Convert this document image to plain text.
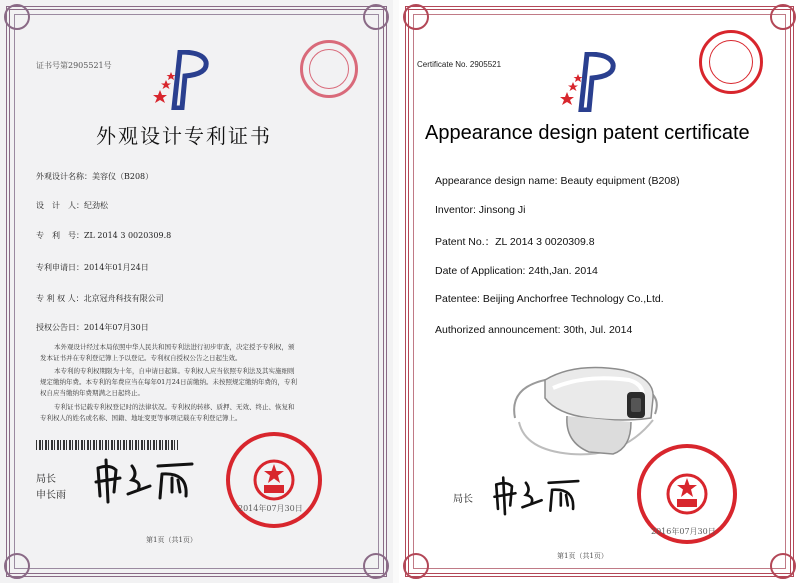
证书号第2905521号
外观设计专利证书
外观设计名称：美容仪（B208）
设　计　人：纪劲松
专　利　号：ZL 2014 3 0020309.8
专利申请日：2014年01月24日
专 利 权 人：北京冠舟科技有限公司
授权公告日：2014年07月30日
本外观设计经过本局依照中华人民共和国专利法进行初步审查，决定授予专利权，颁
发本证书并在专利登记簿上予以登记。专利权自授权公告之日起生效。
本专利的专利权期限为十年，自申请日起算。专利权人应当依照专利法及其实施细则
规定缴纳年费。本专利的年费应当在每年01月24日前缴纳。未按照规定缴纳年费的，专利
权自应当缴纳年费期满之日起终止。
专利证书记载专利权登记时的法律状况。专利权的转移、质押、无效、终止、恢复和
专利权人的姓名或名称、国籍、地址变更等事项记载在专利登记簿上。
局长
申长雨
2014年07月30日
第1页（共1页）
Certificate No. 2905521
Appearance design patent certificate
Appearance design name: Beauty equipment (B208)
Inventor: Jinsong Ji
Patent No.：ZL 2014 3 0020309.8
Date of Application: 24th,Jan. 2014
Patentee: Beijing Anchorfree Technology Co.,Ltd.
Authorized announcement: 30th, Jul. 2014
局长
2016年07月30日
第1页（共1页）
